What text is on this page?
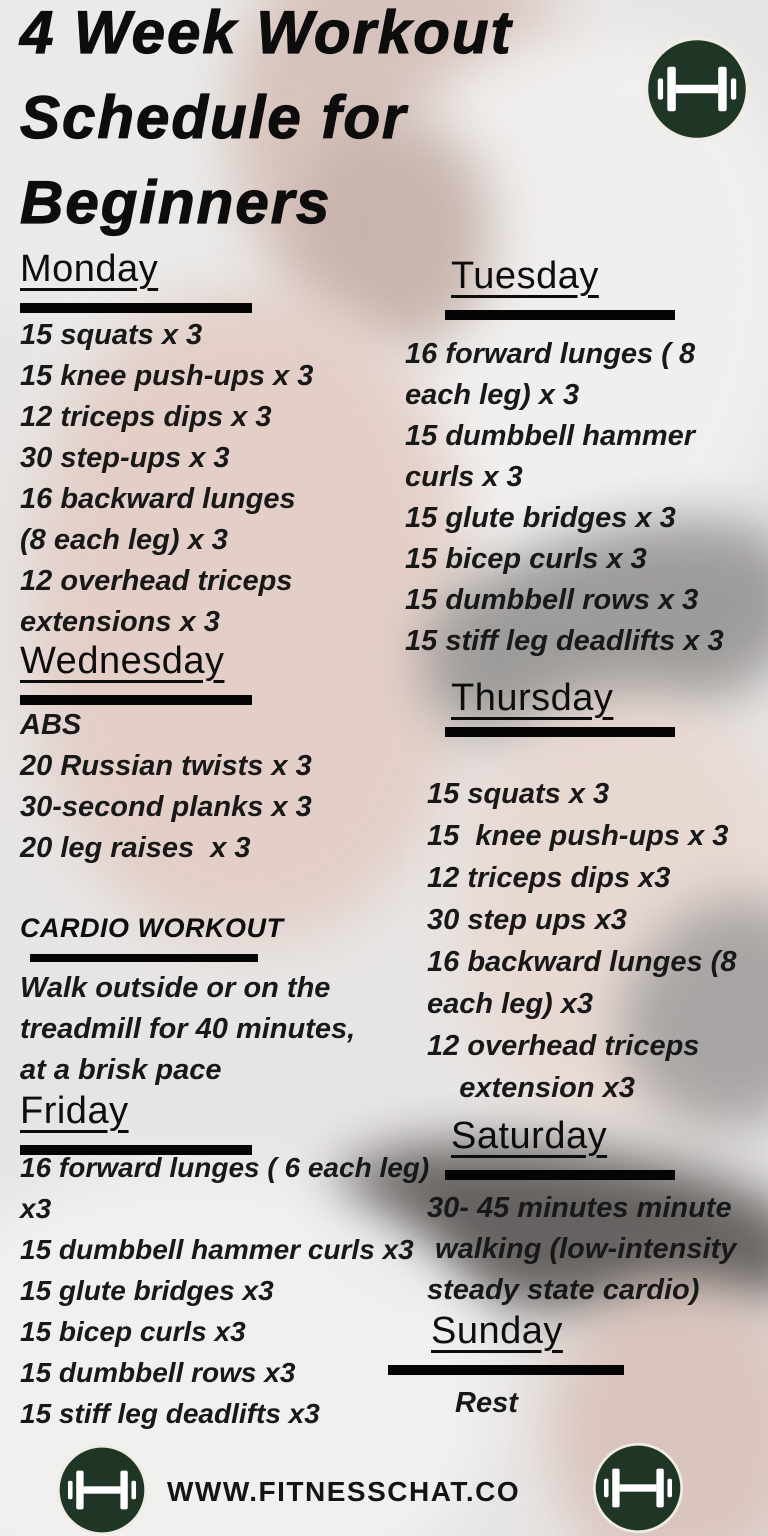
4 Week Workout
Schedule for
Beginners
Monday
15 squats x 3
15 knee push-ups x 3
12 triceps dips x 3
30 step-ups x 3
16 backward lunges
(8 each leg) x 3
12 overhead triceps
extensions x 3
Wednesday
ABS
20 Russian twists x 3
30-second planks x 3
20 leg raises  x 3
CARDIO WORKOUT
Walk outside or on the
treadmill for 40 minutes,
at a brisk pace
Friday
16 forward lunges ( 6 each leg)
x3
15 dumbbell hammer curls x3
15 glute bridges x3
15 bicep curls x3
15 dumbbell rows x3
15 stiff leg deadlifts x3
Tuesday
16 forward lunges ( 8
each leg) x 3
15 dumbbell hammer
curls x 3
15 glute bridges x 3
15 bicep curls x 3
15 dumbbell rows x 3
15 stiff leg deadlifts x 3
Thursday
15 squats x 3
15  knee push-ups x 3
12 triceps dips x3
30 step ups x3
16 backward lunges (8
each leg) x3
12 overhead triceps
extension x3
Saturday
30- 45 minutes minute
walking (low-intensity
steady state cardio)
Sunday
Rest
WWW.FITNESSCHAT.CO
